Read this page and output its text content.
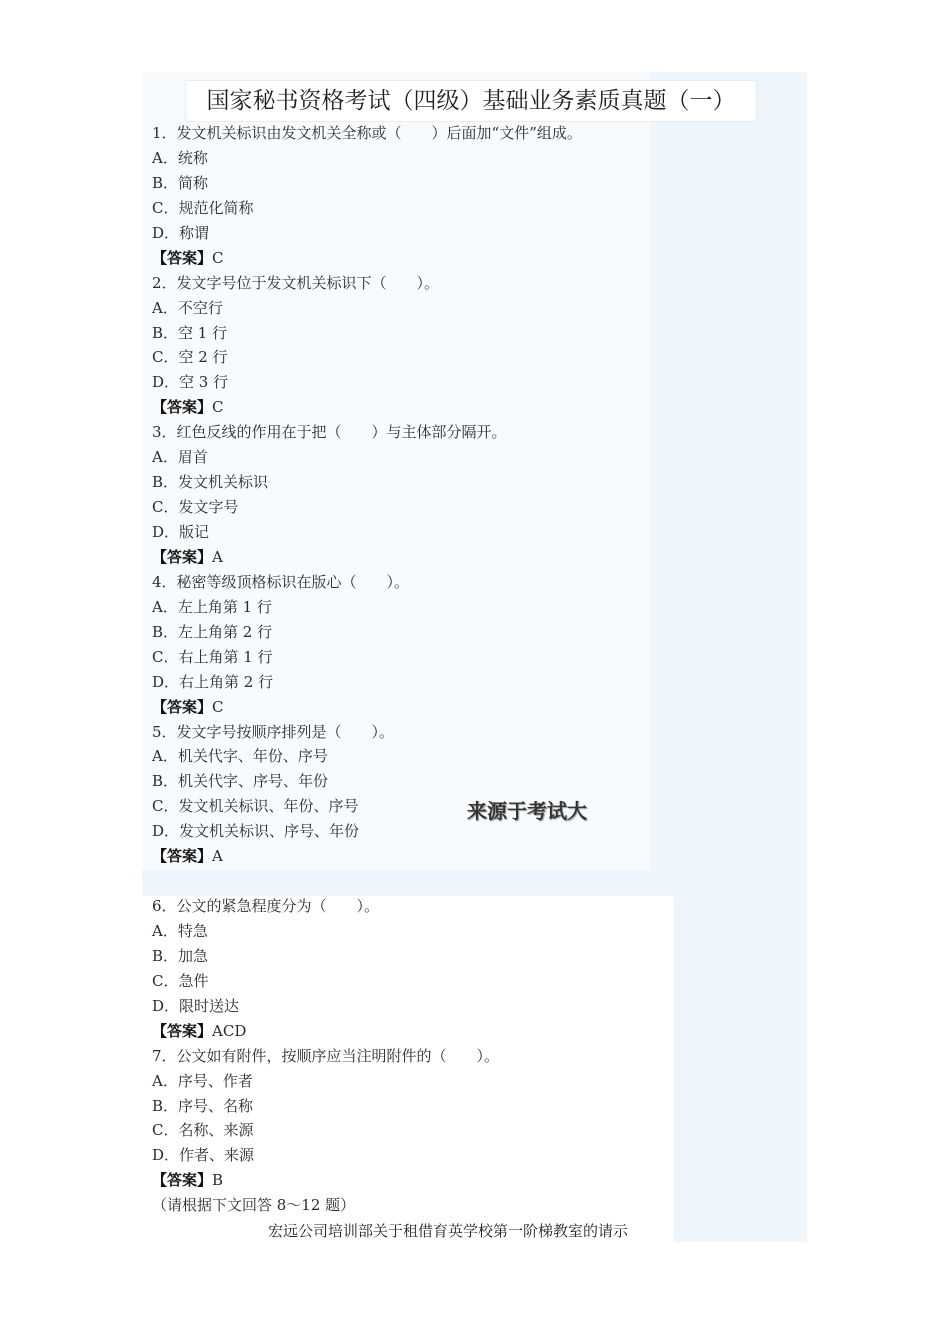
国家秘书资格考试（四级）基础业务素质真题（一）
1．发文机关标识由发文机关全称或（　　）后面加“文件”组成。
A．统称
B．简称
C．规范化简称
D．称谓
【答案】C
2．发文字号位于发文机关标识下（　　）。
A．不空行
B．空 1 行
C．空 2 行
D．空 3 行
【答案】C
3．红色反线的作用在于把（　　）与主体部分隔开。
A．眉首
B．发文机关标识
C．发文字号
D．版记
【答案】A
4．秘密等级顶格标识在版心（　　）。
A．左上角第 1 行
B．左上角第 2 行
C．右上角第 1 行
D．右上角第 2 行
【答案】C
5．发文字号按顺序排列是（　　）。
A．机关代字、年份、序号
B．机关代字、序号、年份
C．发文机关标识、年份、序号
D．发文机关标识、序号、年份
【答案】A
来源于考试大
6．公文的紧急程度分为（　　）。
A．特急
B．加急
C．急件
D．限时送达
【答案】ACD
7．公文如有附件，按顺序应当注明附件的（　　）。
A．序号、作者
B．序号、名称
C．名称、来源
D．作者、来源
【答案】B
（请根据下文回答 8～12 题）
宏远公司培训部关于租借育英学校第一阶梯教室的请示
